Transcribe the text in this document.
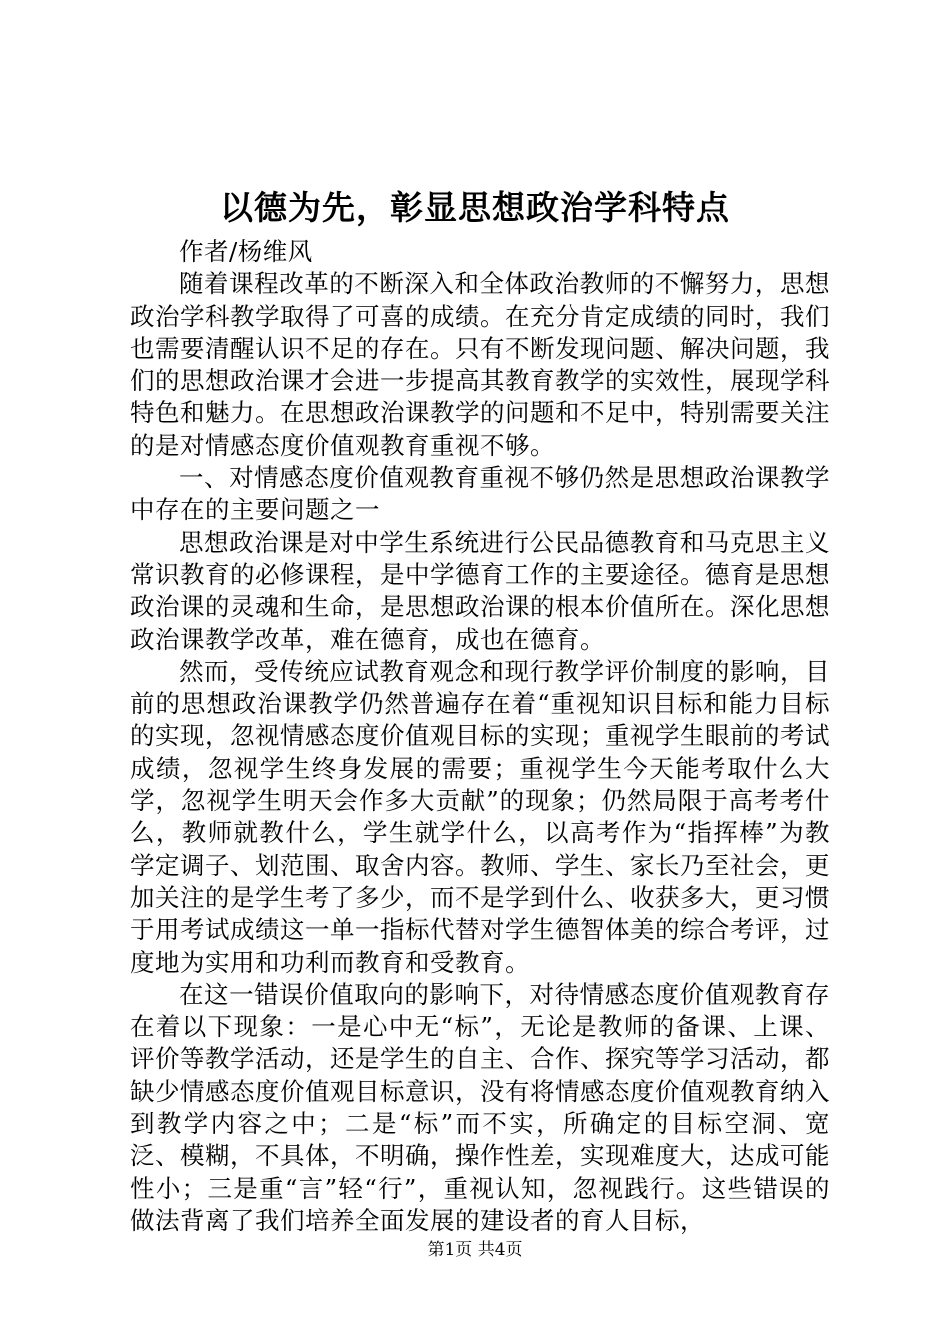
以德为先，彰显思想政治学科特点

作者/杨维风

随着课程改革的不断深入和全体政治教师的不懈努力，思想政治学科教学取得了可喜的成绩。在充分肯定成绩的同时，我们也需要清醒认识不足的存在。只有不断发现问题、解决问题，我们的思想政治课才会进一步提高其教育教学的实效性，展现学科特色和魅力。在思想政治课教学的问题和不足中，特别需要关注的是对情感态度价值观教育重视不够。

一、对情感态度价值观教育重视不够仍然是思想政治课教学中存在的主要问题之一

思想政治课是对中学生系统进行公民品德教育和马克思主义常识教育的必修课程，是中学德育工作的主要途径。德育是思想政治课的灵魂和生命，是思想政治课的根本价值所在。深化思想政治课教学改革，难在德育，成也在德育。

然而，受传统应试教育观念和现行教学评价制度的影响，目前的思想政治课教学仍然普遍存在着“重视知识目标和能力目标的实现，忽视情感态度价值观目标的实现；重视学生眼前的考试成绩，忽视学生终身发展的需要；重视学生今天能考取什么大学，忽视学生明天会作多大贡献”的现象；仍然局限于高考考什么，教师就教什么，学生就学什么，以高考作为“指挥棒”为教学定调子、划范围、取舍内容。教师、学生、家长乃至社会，更加关注的是学生考了多少，而不是学到什么、收获多大，更习惯于用考试成绩这一单一指标代替对学生德智体美的综合考评，过度地为实用和功利而教育和受教育。

在这一错误价值取向的影响下，对待情感态度价值观教育存在着以下现象：一是心中无“标”，无论是教师的备课、上课、评价等教学活动，还是学生的自主、合作、探究等学习活动，都缺少情感态度价值观目标意识，没有将情感态度价值观教育纳入到教学内容之中；二是“标”而不实，所确定的目标空洞、宽泛、模糊，不具体，不明确，操作性差，实现难度大，达成可能性小；三是重“言”轻“行”，重视认知，忽视践行。这些错误的做法背离了我们培养全面发展的建设者的育人目标，

第1页 共4页
